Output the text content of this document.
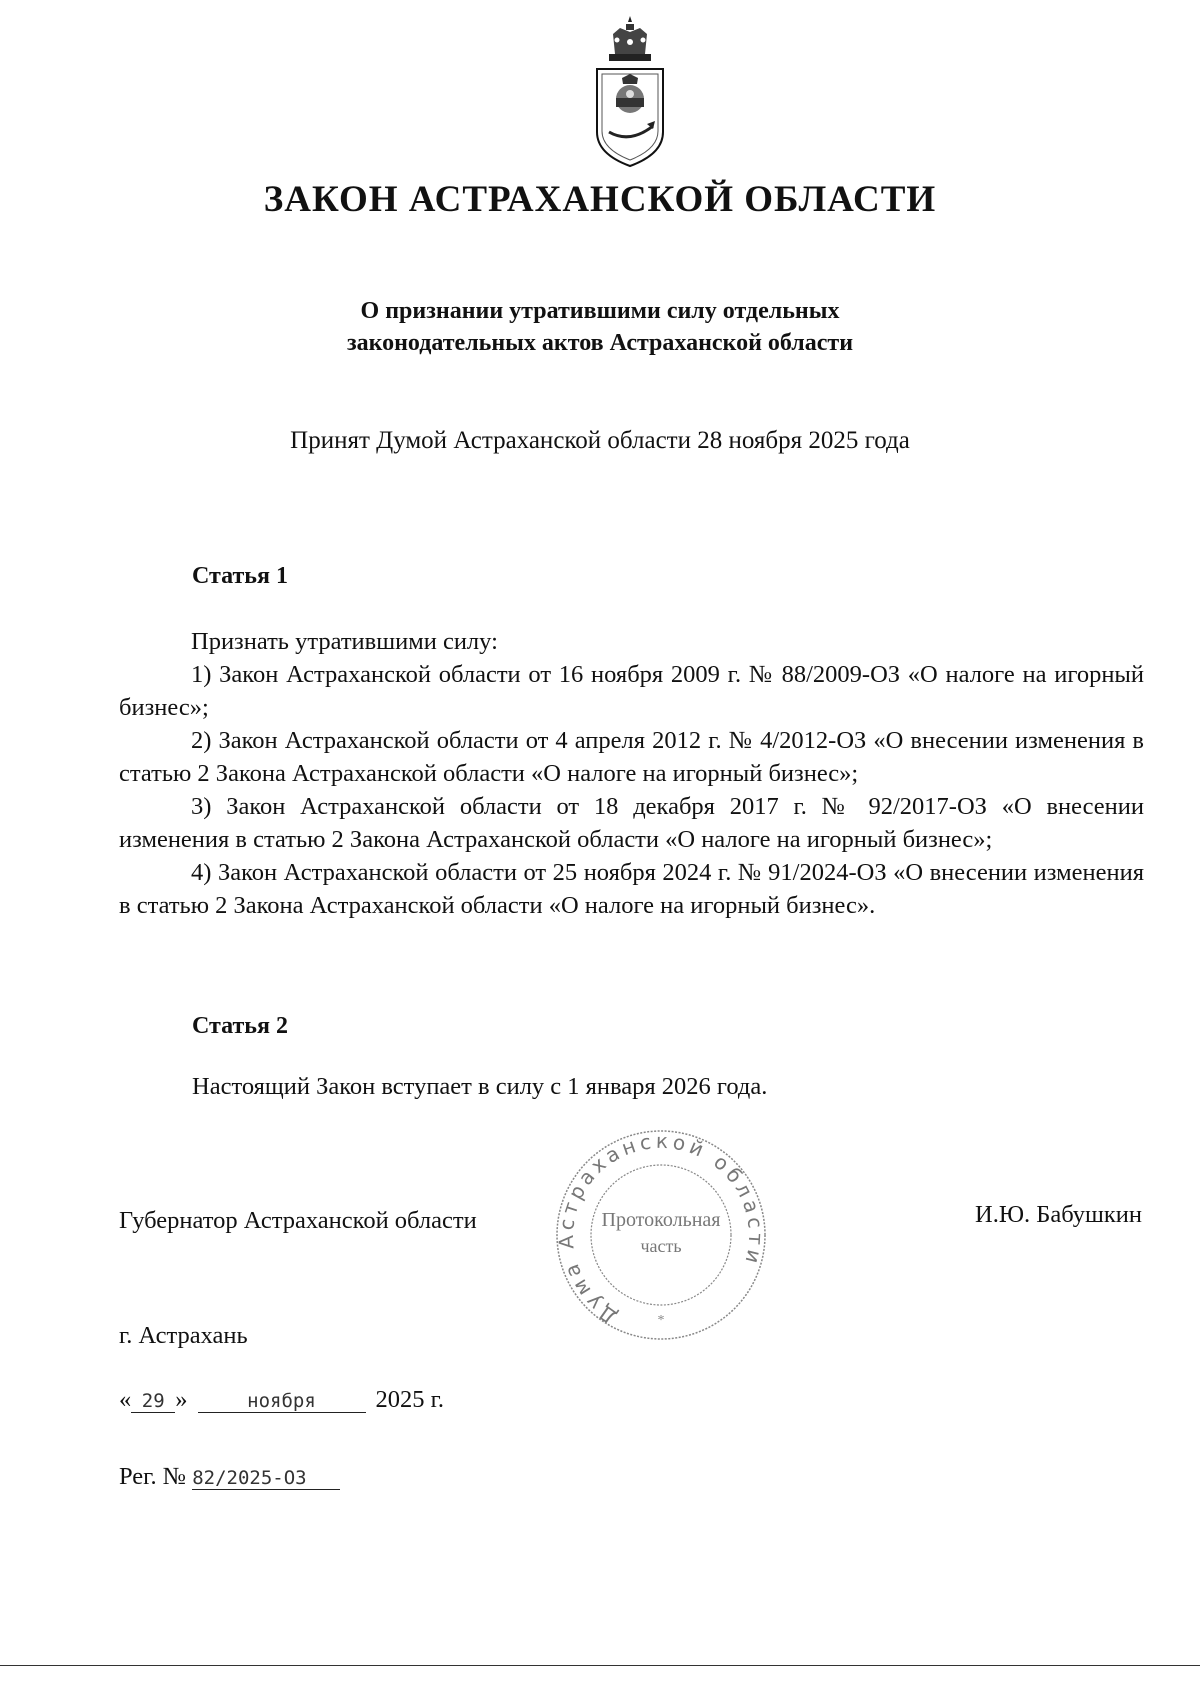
ЗАКОН АСТРАХАНСКОЙ ОБЛАСТИ
О признании утратившими силу отдельных
законодательных актов Астраханской области
Принят Думой Астраханской области 28 ноября 2025 года
Статья 1

Признать утратившими силу:

1) Закон Астраханской области от 16 ноября 2009 г. № 88/2009-ОЗ «О налоге на игорный бизнес»;

2) Закон Астраханской области от 4 апреля 2012 г. № 4/2012-ОЗ «О внесении изменения в статью 2 Закона Астраханской области «О налоге на игорный бизнес»;

3) Закон Астраханской области от 18 декабря 2017 г. № 92/2017-ОЗ «О внесении изменения в статью 2 Закона Астраханской области «О налоге на игорный бизнес»;

4) Закон Астраханской области от 25 ноября 2024 г. № 91/2024-ОЗ «О внесении изменения в статью 2 Закона Астраханской области «О налоге на игорный бизнес».

Статья 2
Настоящий Закон вступает в силу с 1 января 2026 года.
Губернатор Астраханской области	И.Ю. Бабушкин
Дума Астраханской области
Протокольная
часть
*
г. Астрахань
« 29 »	ноября 2025 г.
Рег. № 82/2025-ОЗ
